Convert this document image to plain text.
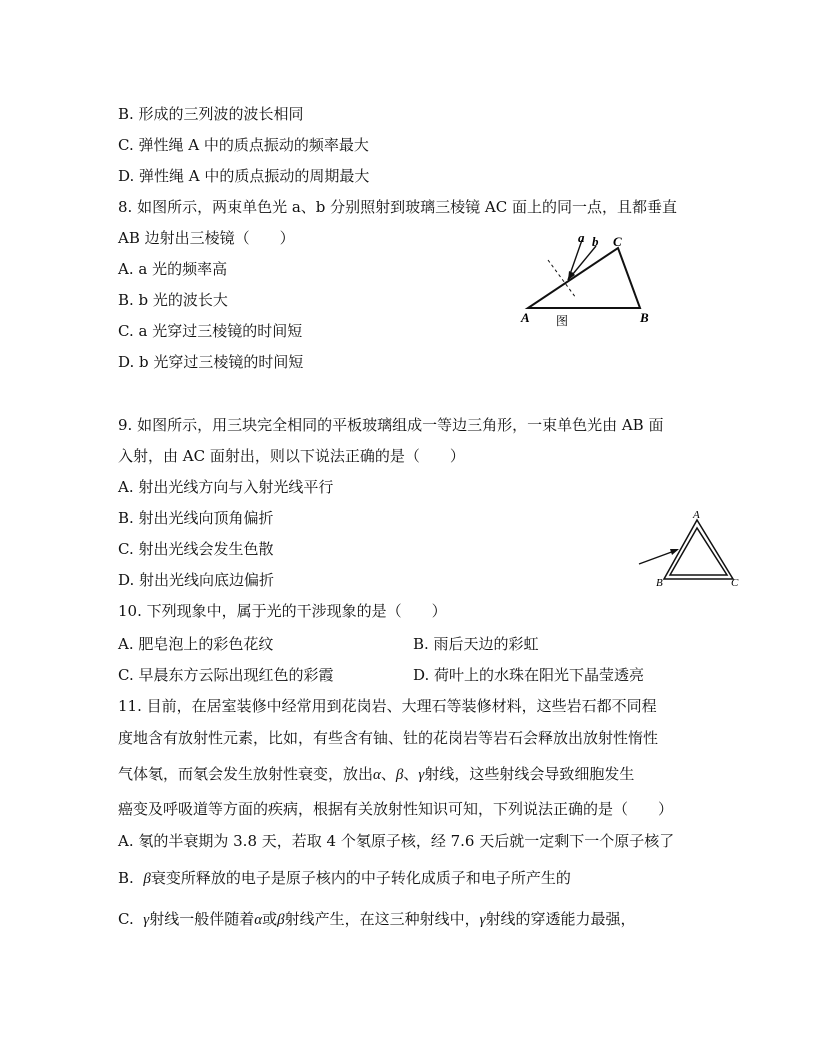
B. 形成的三列波的波长相同
C. 弹性绳 A 中的质点振动的频率最大
D. 弹性绳 A 中的质点振动的周期最大
8. 如图所示，两束单色光 a、b 分别照射到玻璃三棱镜 AC 面上的同一点，且都垂直
AB 边射出三棱镜（　　）
A. a 光的频率高
B. b 光的波长大
C. a 光穿过三棱镜的时间短
D. b 光穿过三棱镜的时间短
a b C
A	B
图
9. 如图所示，用三块完全相同的平板玻璃组成一等边三角形，一束单色光由 AB 面
入射，由 AC 面射出，则以下说法正确的是（　　）
A. 射出光线方向与入射光线平行
B. 射出光线向顶角偏折
C. 射出光线会发生色散
D. 射出光线向底边偏折
A
B	C
10. 下列现象中，属于光的干涉现象的是（　　）
A. 肥皂泡上的彩色花纹	B. 雨后天边的彩虹
C. 早晨东方云际出现红色的彩霞	D. 荷叶上的水珠在阳光下晶莹透亮
11. 目前，在居室装修中经常用到花岗岩、大理石等装修材料，这些岩石都不同程
度地含有放射性元素，比如，有些含有铀、钍的花岗岩等岩石会释放出放射性惰性
气体氡，而氡会发生放射性衰变，放出α、β、γ射线，这些射线会导致细胞发生
癌变及呼吸道等方面的疾病，根据有关放射性知识可知，下列说法正确的是（　　）
A. 氡的半衰期为 3.8 天，若取 4 个氡原子核，经 7.6 天后就一定剩下一个原子核了
B. β衰变所释放的电子是原子核内的中子转化成质子和电子所产生的
C. γ射线一般伴随着α或β射线产生，在这三种射线中，γ射线的穿透能力最强，
